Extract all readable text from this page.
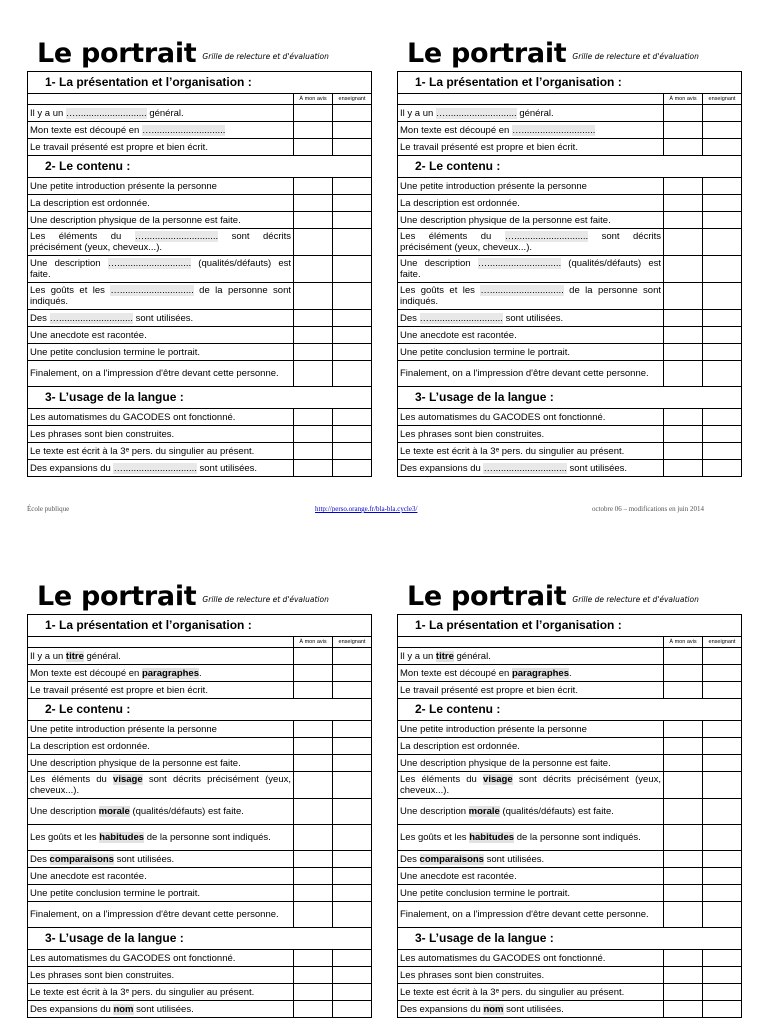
Le portrait Grille de relecture et d'évaluation
1- La présentation et l’organisation :		
	À mon avis	enseignant
Il y a un …........................... général.		
Mon texte est découpé en …............................		
Le travail présenté est propre et bien écrit.		
2- Le contenu :		
Une petite introduction présente la personne		
La description est ordonnée.		
Une description physique de la personne est faite.		
Les éléments du …............................ sont décrits précisément (yeux, cheveux...).		
Une description …............................ (qualités/défauts) est faite.		
Les goûts et les …............................ de la personne sont indiqués.		
Des …............................ sont utilisées.		
Une anecdote est racontée.		
Une petite conclusion termine le portrait.		
Finalement, on a l'impression d'être devant cette personne.		
3- L’usage de la langue :		
Les automatismes du GACODES ont fonctionné.		
Les phrases sont bien construites.		
Le texte est écrit à la 3ᵉ pers. du singulier au présent.		
Des expansions du …............................ sont utilisées.		
Le portrait Grille de relecture et d'évaluation
1- La présentation et l’organisation :		
	À mon avis	enseignant
Il y a un …........................... général.		
Mon texte est découpé en …............................		
Le travail présenté est propre et bien écrit.		
2- Le contenu :		
Une petite introduction présente la personne		
La description est ordonnée.		
Une description physique de la personne est faite.		
Les éléments du …............................ sont décrits précisément (yeux, cheveux...).		
Une description …............................ (qualités/défauts) est faite.		
Les goûts et les …............................ de la personne sont indiqués.		
Des …............................ sont utilisées.		
Une anecdote est racontée.		
Une petite conclusion termine le portrait.		
Finalement, on a l'impression d'être devant cette personne.		
3- L’usage de la langue :		
Les automatismes du GACODES ont fonctionné.		
Les phrases sont bien construites.		
Le texte est écrit à la 3ᵉ pers. du singulier au présent.		
Des expansions du …............................ sont utilisées.		
Le portrait Grille de relecture et d'évaluation
1- La présentation et l’organisation :		
	À mon avis	enseignant
Il y a un titre général.		
Mon texte est découpé en paragraphes.		
Le travail présenté est propre et bien écrit.		
2- Le contenu :		
Une petite introduction présente la personne		
La description est ordonnée.		
Une description physique de la personne est faite.		
Les éléments du visage sont décrits précisément (yeux, cheveux...).		
Une description morale (qualités/défauts) est faite.		
Les goûts et les habitudes de la personne sont indiqués.		
Des comparaisons sont utilisées.		
Une anecdote est racontée.		
Une petite conclusion termine le portrait.		
Finalement, on a l'impression d'être devant cette personne.		
3- L’usage de la langue :		
Les automatismes du GACODES ont fonctionné.		
Les phrases sont bien construites.		
Le texte est écrit à la 3ᵉ pers. du singulier au présent.		
Des expansions du nom sont utilisées.		
Le portrait Grille de relecture et d'évaluation
1- La présentation et l’organisation :		
	À mon avis	enseignant
Il y a un titre général.		
Mon texte est découpé en paragraphes.		
Le travail présenté est propre et bien écrit.		
2- Le contenu :		
Une petite introduction présente la personne		
La description est ordonnée.		
Une description physique de la personne est faite.		
Les éléments du visage sont décrits précisément (yeux, cheveux...).		
Une description morale (qualités/défauts) est faite.		
Les goûts et les habitudes de la personne sont indiqués.		
Des comparaisons sont utilisées.		
Une anecdote est racontée.		
Une petite conclusion termine le portrait.		
Finalement, on a l'impression d'être devant cette personne.		
3- L’usage de la langue :		
Les automatismes du GACODES ont fonctionné.		
Les phrases sont bien construites.		
Le texte est écrit à la 3ᵉ pers. du singulier au présent.		
Des expansions du nom sont utilisées.		
École publique	http://perso.orange.fr/bla-bla.cycle3/	octobre 06 – modifications en juin 2014
